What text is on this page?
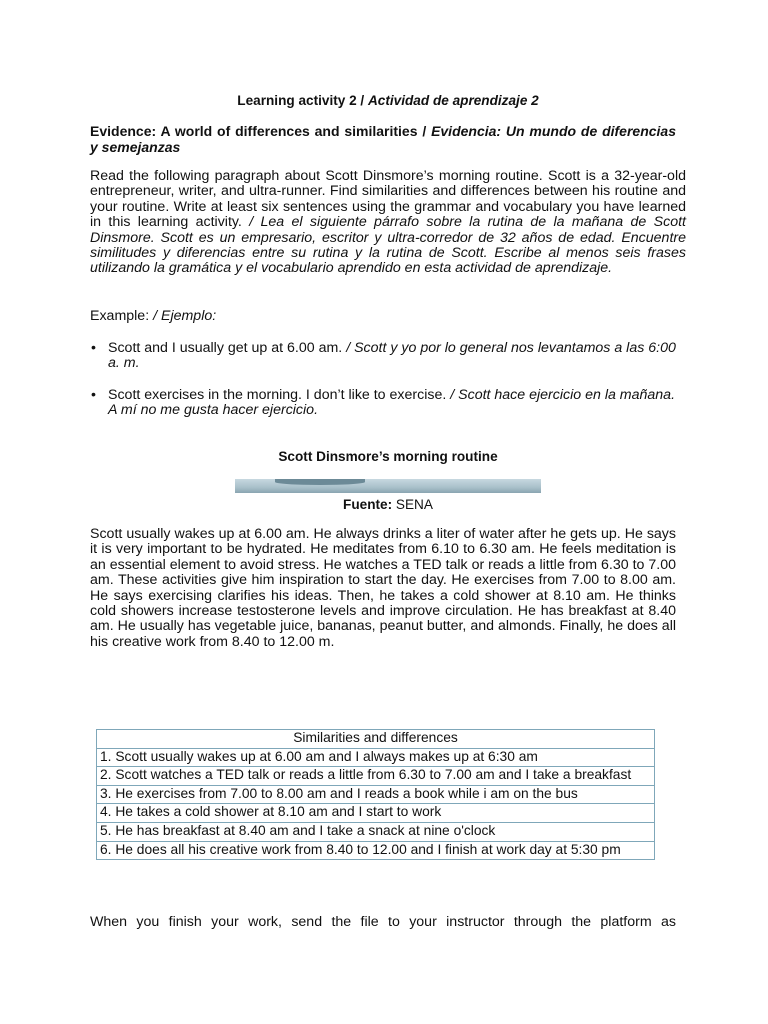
Learning activity 2 / Actividad de aprendizaje 2
Evidence: A world of differences and similarities / Evidencia: Un mundo de diferencias y semejanzas
Read the following paragraph about Scott Dinsmore’s morning routine. Scott is a 32-year-old entrepreneur, writer, and ultra-runner. Find similarities and differences between his routine and your routine. Write at least six sentences using the grammar and vocabulary you have learned in this learning activity. / Lea el siguiente párrafo sobre la rutina de la mañana de Scott Dinsmore. Scott es un empresario, escritor y ultra-corredor de 32 años de edad. Encuentre similitudes y diferencias entre su rutina y la rutina de Scott. Escribe al menos seis frases utilizando la gramática y el vocabulario aprendido en esta actividad de aprendizaje.
Example: / Ejemplo:
• Scott and I usually get up at 6.00 am. / Scott y yo por lo general nos levantamos a las 6:00 a. m.
• Scott exercises in the morning. I don’t like to exercise. / Scott hace ejercicio en la mañana. A mí no me gusta hacer ejercicio.
Scott Dinsmore’s morning routine
Fuente: SENA
Scott usually wakes up at 6.00 am. He always drinks a liter of water after he gets up. He says it is very important to be hydrated. He meditates from 6.10 to 6.30 am. He feels meditation is an essential element to avoid stress. He watches a TED talk or reads a little from 6.30 to 7.00 am. These activities give him inspiration to start the day. He exercises from 7.00 to 8.00 am. He says exercising clarifies his ideas. Then, he takes a cold shower at 8.10 am. He thinks cold showers increase testosterone levels and improve circulation. He has breakfast at 8.40 am. He usually has vegetable juice, bananas, peanut butter, and almonds. Finally, he does all his creative work from 8.40 to 12.00 m.
Similarities and differences
1. Scott usually wakes up at 6.00 am and I always makes up at 6:30 am
2. Scott watches a TED talk or reads a little from 6.30 to 7.00 am and I take a breakfast
3. He exercises from 7.00 to 8.00 am and I reads a book while i am on the bus
4. He takes a cold shower at 8.10 am and I start to work
5. He has breakfast at 8.40 am and I take a snack at nine o'clock
6. He does all his creative work from 8.40 to 12.00 and I finish at work day at 5:30 pm
When you finish your work, send the file to your instructor through the platform as
